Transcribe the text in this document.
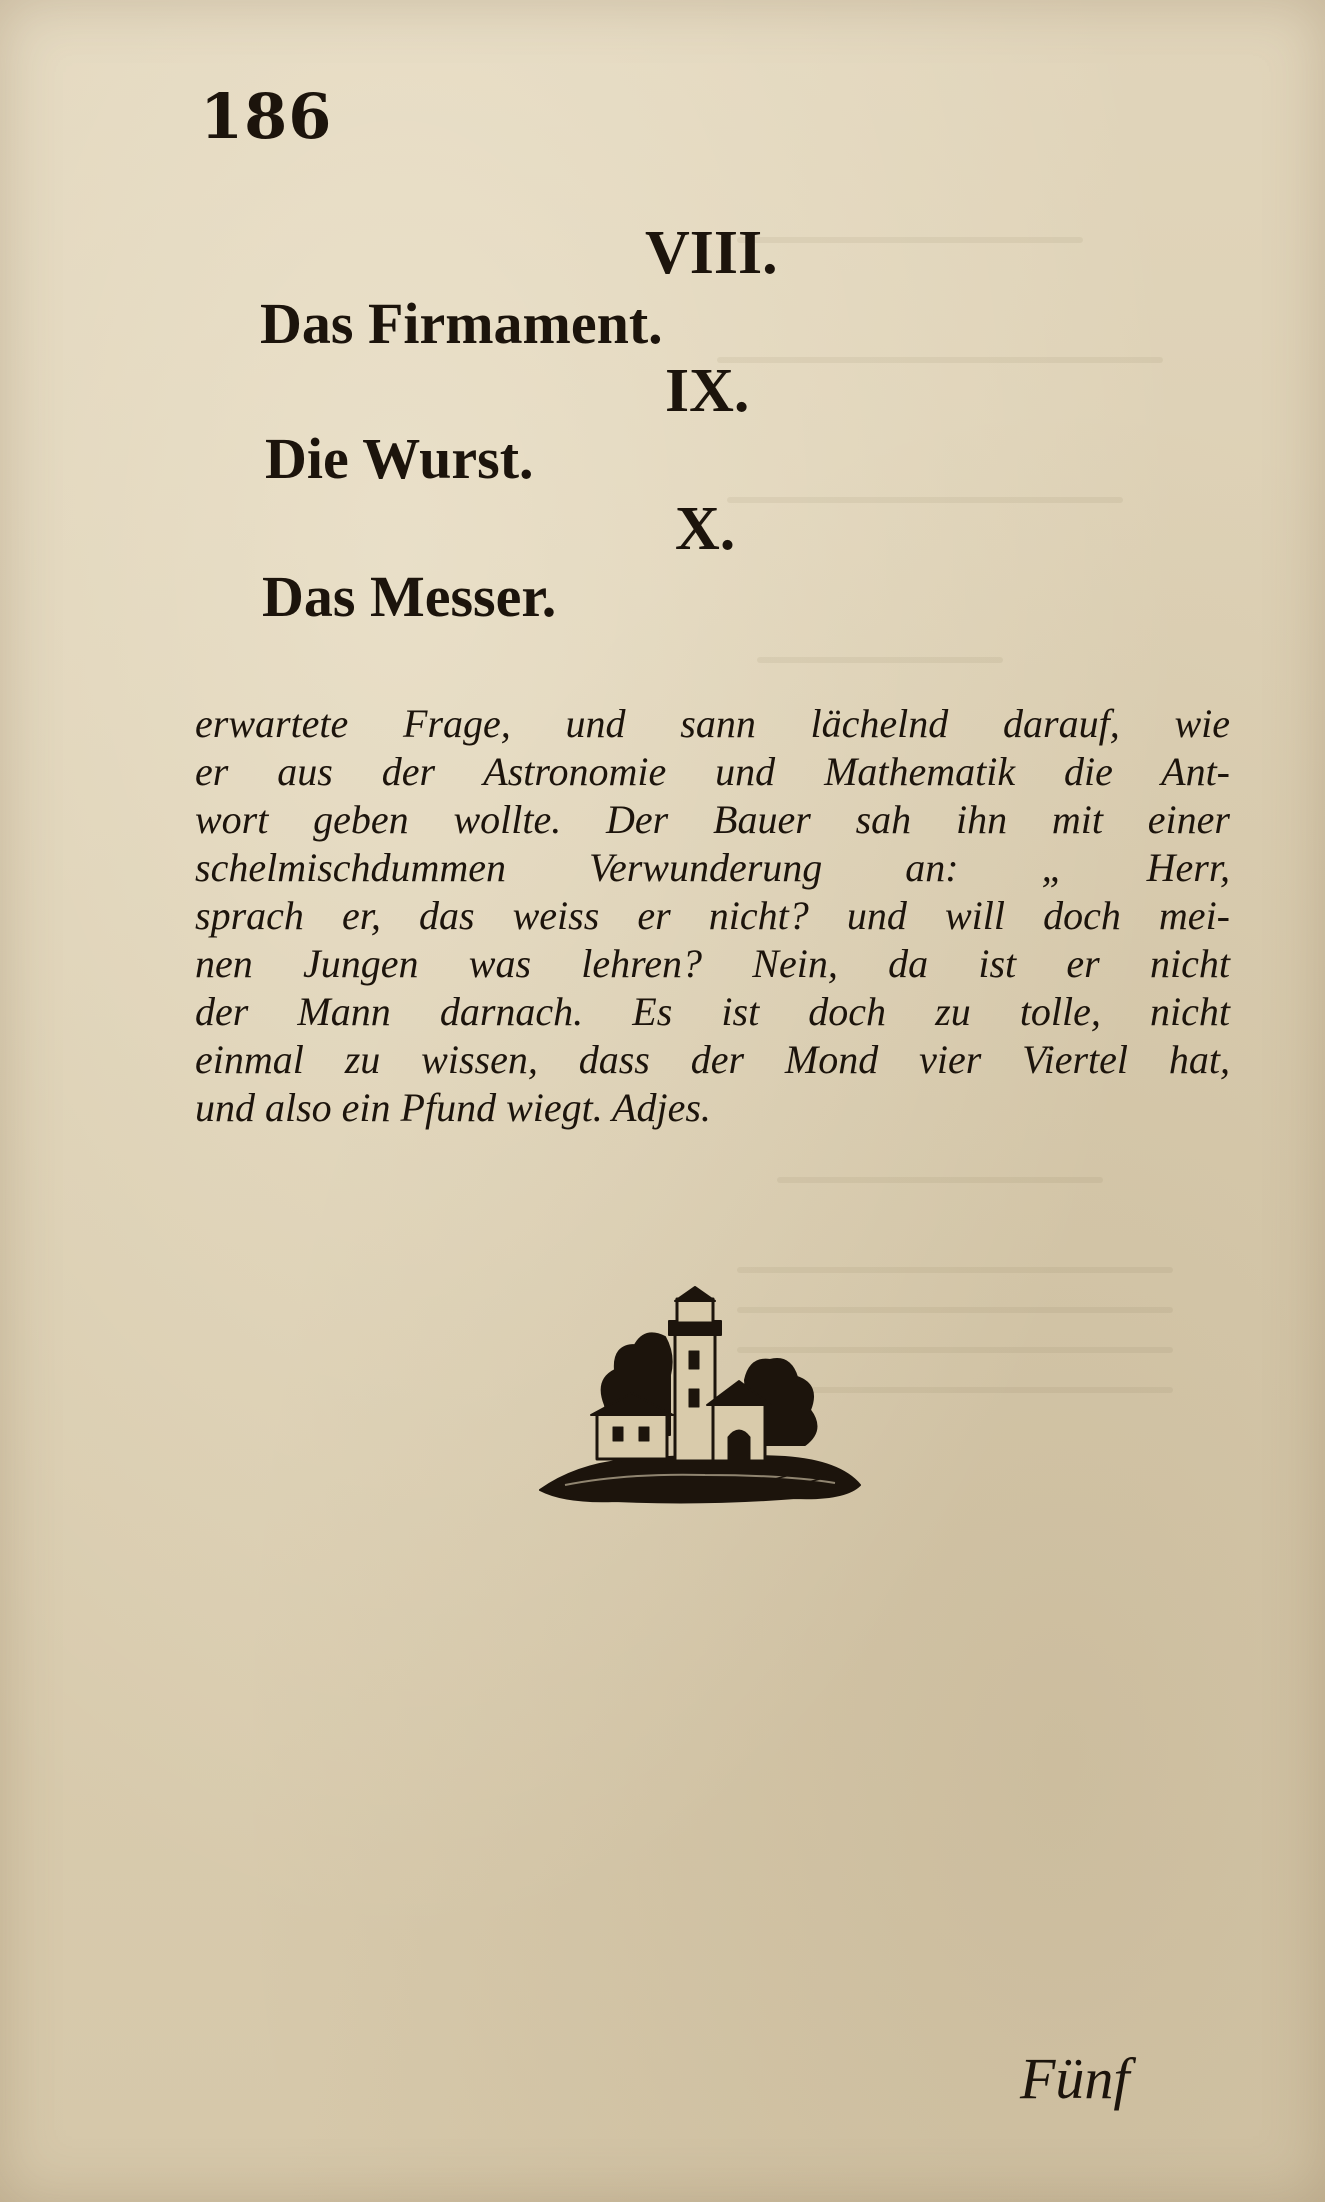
186
VIII.
Das Firmament.
IX.
Die Wurst.
X.
Das Messer.
erwartete Frage, und sann lächelnd darauf, wie
er aus der Astronomie und Mathematik die Ant-
wort geben wollte. Der Bauer sah ihn mit einer
schelmischdummen Verwunderung an: „ Herr,
sprach er, das weiss er nicht? und will doch mei-
nen Jungen was lehren? Nein, da ist er nicht
der Mann darnach. Es ist doch zu tolle, nicht
einmal zu wissen, dass der Mond vier Viertel hat,
und also ein Pfund wiegt. Adjes.
Fünf
